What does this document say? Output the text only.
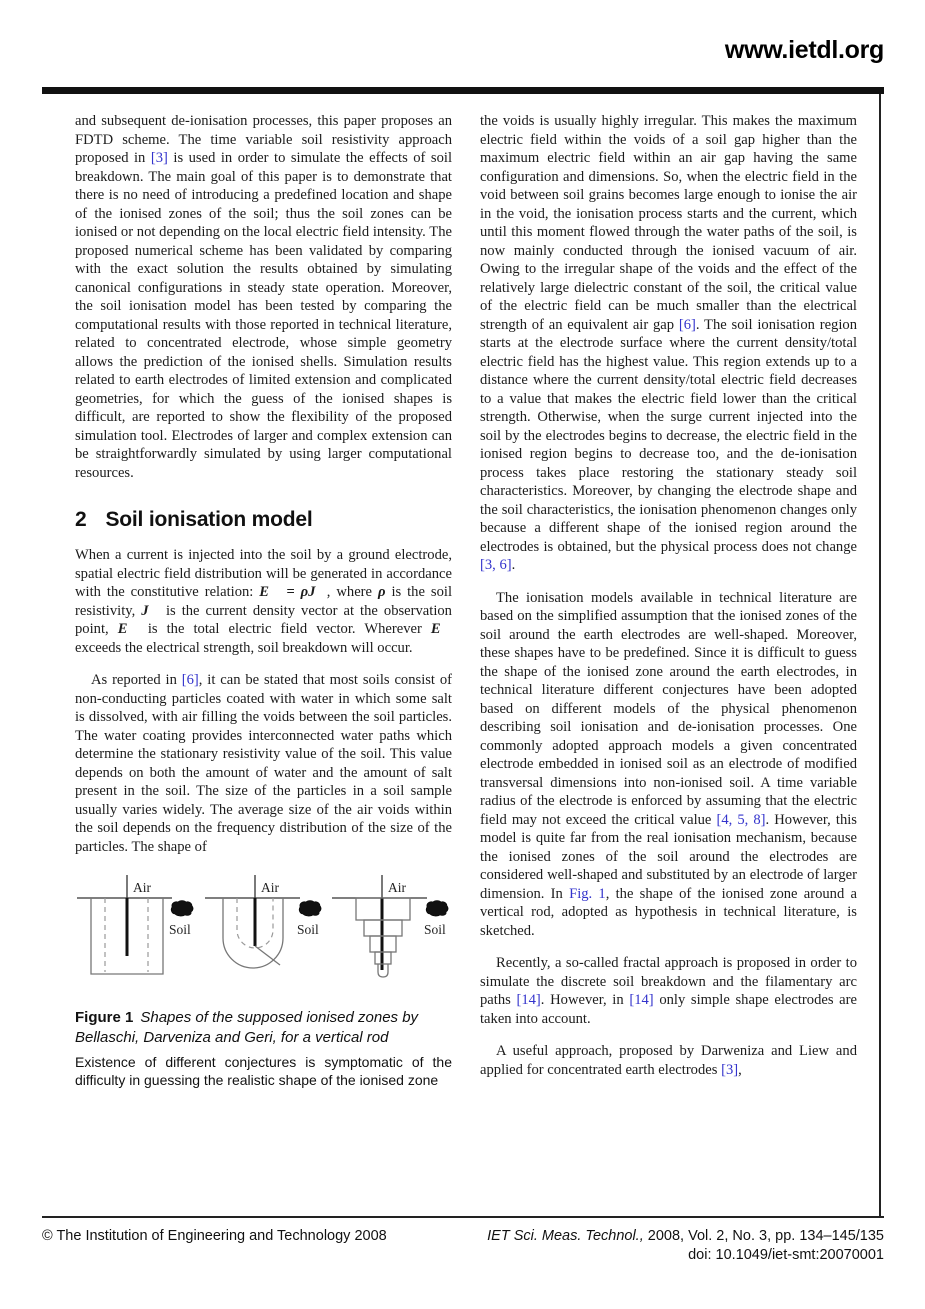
www.ietdl.org

and subsequent de-ionisation processes, this paper proposes an FDTD scheme. The time variable soil resistivity approach proposed in [3] is used in order to simulate the effects of soil breakdown. The main goal of this paper is to demonstrate that there is no need of introducing a predefined location and shape of the ionised zones of the soil; thus the soil zones can be ionised or not depending on the local electric field intensity. The proposed numerical scheme has been validated by comparing with the exact solution the results obtained by simulating canonical configurations in steady state operation. Moreover, the soil ionisation model has been tested by comparing the computational results with those reported in technical literature, related to concentrated electrode, whose simple geometry allows the prediction of the ionised shells. Simulation results related to earth electrodes of limited extension and complicated geometries, for which the guess of the ionised shapes is difficult, are reported to show the flexibility of the proposed simulation tool. Electrodes of larger and complex extension can be straightforwardly simulated by using larger computational resources.

2 Soil ionisation model

When a current is injected into the soil by a ground electrode, spatial electric field distribution will be generated in accordance with the constitutive relation: E⃗ = ρJ⃗, where ρ is the soil resistivity, J⃗ is the current density vector at the observation point, E⃗ is the total electric field vector. Wherever E⃗ exceeds the electrical strength, soil breakdown will occur.

As reported in [6], it can be stated that most soils consist of non-conducting particles coated with water in which some salt is dissolved, with air filling the voids between the soil particles. The water coating provides interconnected water paths which determine the stationary resistivity value of the soil. This value depends on both the amount of water and the amount of salt present in the soil. The size of the particles in a soil sample usually varies widely. The average size of the air voids within the soil depends on the frequency distribution of the size of the particles. The shape of

Air
Soil
Air
Soil
Air
Soil

Figure 1 Shapes of the supposed ionised zones by Bellaschi, Darveniza and Geri, for a vertical rod

Existence of different conjectures is symptomatic of the difficulty in guessing the realistic shape of the ionised zone

the voids is usually highly irregular. This makes the maximum electric field within the voids of a soil gap higher than the maximum electric field within an air gap having the same configuration and dimensions. So, when the electric field in the void between soil grains becomes large enough to ionise the air in the void, the ionisation process starts and the current, which until this moment flowed through the water paths of the soil, is now mainly conducted through the ionised vacuum of air. Owing to the irregular shape of the voids and the effect of the relatively large dielectric constant of the soil, the critical value of the electric field can be much smaller than the electrical strength of an equivalent air gap [6]. The soil ionisation region starts at the electrode surface where the current density/total electric field has the highest value. This region extends up to a distance where the current density/total electric field decreases to a value that makes the electric field lower than the critical strength. Otherwise, when the surge current injected into the soil by the electrodes begins to decrease, the electric field in the ionised region begins to decrease too, and the de-ionisation process takes place restoring the stationary steady soil characteristics. Moreover, by changing the electrode shape and the soil characteristics, the ionisation phenomenon changes only because a different shape of the ionised region around the electrodes is obtained, but the physical process does not change [3, 6].

The ionisation models available in technical literature are based on the simplified assumption that the ionised zones of the soil around the earth electrodes are well-shaped. Moreover, these shapes have to be predefined. Since it is difficult to guess the shape of the ionised zone around the earth electrodes, in technical literature different conjectures have been adopted based on different models of the physical phenomenon describing soil ionisation and de-ionisation processes. One commonly adopted approach models a given concentrated electrode embedded in ionised soil as an electrode of modified transversal dimensions into non-ionised soil. A time variable radius of the electrode is enforced by assuming that the electric field may not exceed the critical value [4, 5, 8]. However, this model is quite far from the real ionisation mechanism, because the ionised zones of the soil around the electrodes are considered well-shaped and substituted by an electrode of larger dimension. In Fig. 1, the shape of the ionised zone around a vertical rod, adopted as hypothesis in technical literature, is sketched.

Recently, a so-called fractal approach is proposed in order to simulate the discrete soil breakdown and the filamentary arc paths [14]. However, in [14] only simple shape electrodes are taken into account.

A useful approach, proposed by Darweniza and Liew and applied for concentrated earth electrodes [3],

© The Institution of Engineering and Technology 2008	IET Sci. Meas. Technol., 2008, Vol. 2, No. 3, pp. 134–145/135
doi: 10.1049/iet-smt:20070001
